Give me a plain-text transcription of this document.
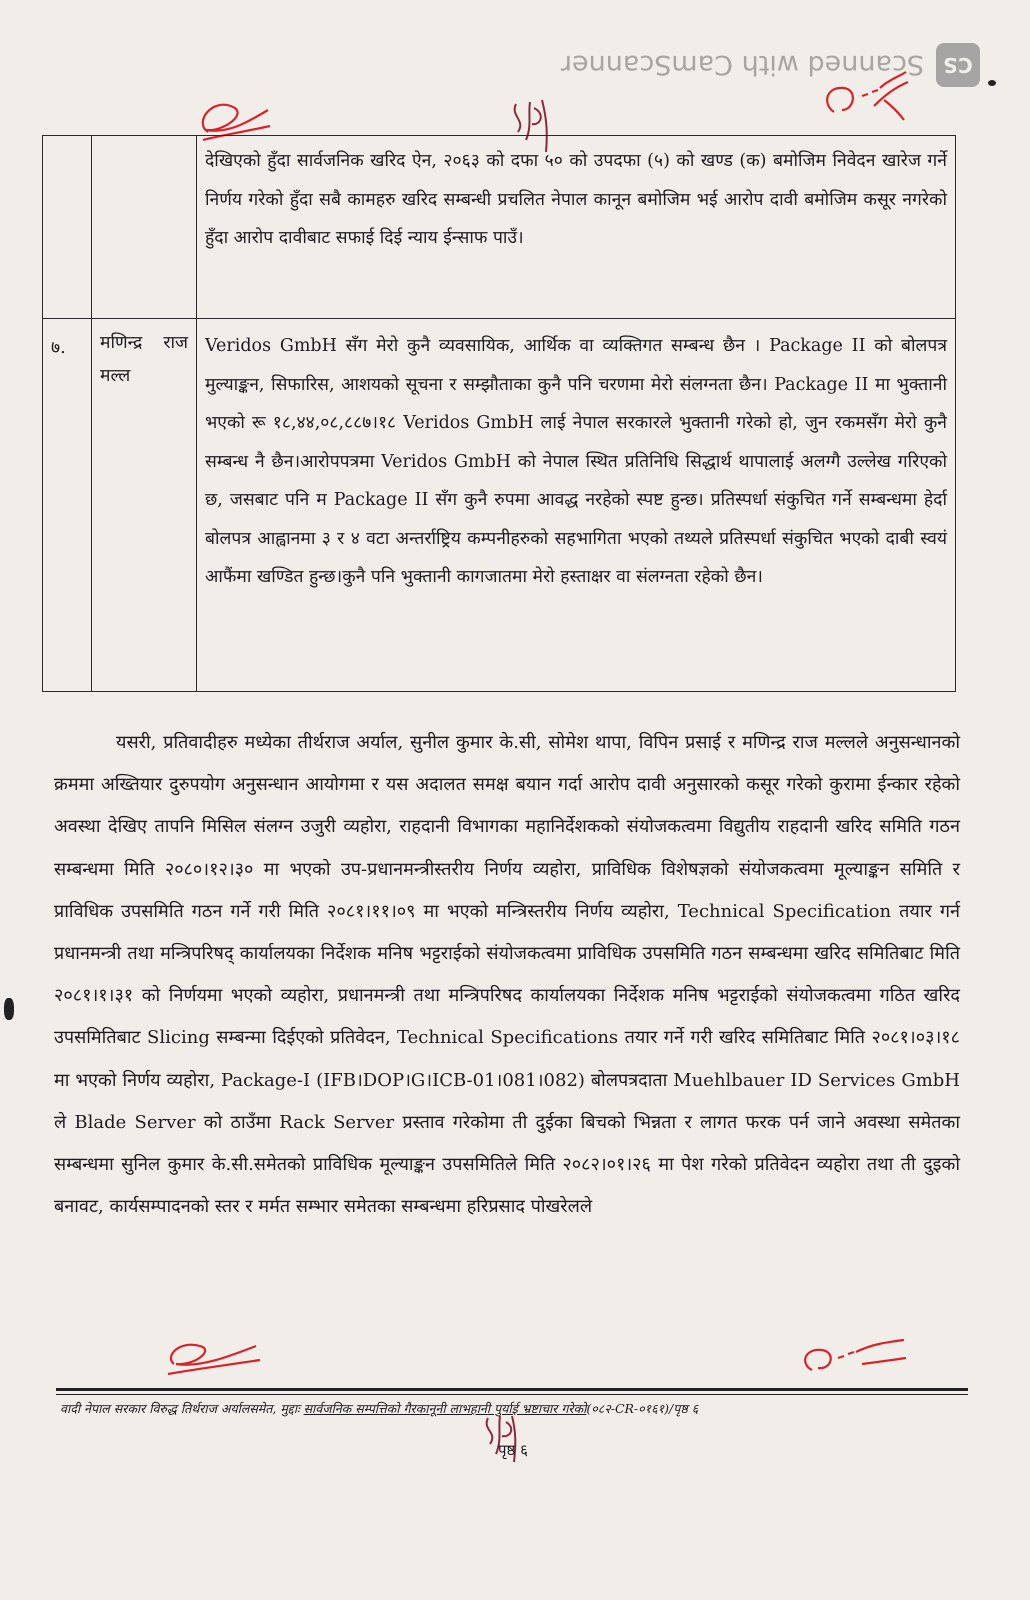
CS
Scanned with CamScanner
		देखिएको हुँदा सार्वजनिक खरिद ऐन, २०६३ को दफा ५० को उपदफा (५) को खण्ड (क) बमोजिम निवेदन खारेज गर्ने निर्णय गरेको हुँदा सबै कामहरु खरिद सम्बन्धी प्रचलित नेपाल कानून बमोजिम भई आरोप दावी बमोजिम कसूर नगरेको हुँदा आरोप दावीबाट सफाई दिई न्याय ईन्साफ पाउँ।
७.	मणिन्द्र राज मल्ल	Veridos GmbH सँग मेरो कुनै व्यवसायिक, आर्थिक वा व्यक्तिगत सम्बन्ध छैन । Package II को बोलपत्र मुल्याङ्कन, सिफारिस, आशयको सूचना र सम्झौताका कुनै पनि चरणमा मेरो संलग्नता छैन। Package II मा भुक्तानी भएको रू १८,४४,०८,८८७।१८ Veridos GmbH लाई नेपाल सरकारले भुक्तानी गरेको हो, जुन रकमसँग मेरो कुनै सम्बन्ध नै छैन।आरोपपत्रमा Veridos GmbH को नेपाल स्थित प्रतिनिधि सिद्धार्थ थापालाई अलग्गै उल्लेख गरिएको छ, जसबाट पनि म Package II सँग कुनै रुपमा आवद्ध नरहेको स्पष्ट हुन्छ। प्रतिस्पर्धा संकुचित गर्ने सम्बन्धमा हेर्दा बोलपत्र आह्वानमा ३ र ४ वटा अन्तर्राष्ट्रिय कम्पनीहरुको सहभागिता भएको तथ्यले प्रतिस्पर्धा संकुचित भएको दाबी स्वयं आफैंमा खण्डित हुन्छ।कुनै पनि भुक्तानी कागजातमा मेरो हस्ताक्षर वा संलग्नता रहेको छैन।

यसरी, प्रतिवादीहरु मध्येका तीर्थराज अर्याल, सुनील कुमार के.सी, सोमेश थापा, विपिन प्रसाई र मणिन्द्र राज मल्लले अनुसन्धानको क्रममा अख्तियार दुरुपयोग अनुसन्धान आयोगमा र यस अदालत समक्ष बयान गर्दा आरोप दावी अनुसारको कसूर गरेको कुरामा ईन्कार रहेको अवस्था देखिए तापनि मिसिल संलग्न उजुरी व्यहोरा, राहदानी विभागका महानिर्देशकको संयोजकत्वमा विद्युतीय राहदानी खरिद समिति गठन सम्बन्धमा मिति २०८०।१२।३० मा भएको उप-प्रधानमन्त्रीस्तरीय निर्णय व्यहोरा, प्राविधिक विशेषज्ञको संयोजकत्वमा मूल्याङ्कन समिति र प्राविधिक उपसमिति गठन गर्ने गरी मिति २०८१।११।०९ मा भएको मन्त्रिस्तरीय निर्णय व्यहोरा, Technical Specification तयार गर्न प्रधानमन्त्री तथा मन्त्रिपरिषद् कार्यालयका निर्देशक मनिष भट्टराईको संयोजकत्वमा प्राविधिक उपसमिति गठन सम्बन्धमा खरिद समितिबाट मिति २०८१।१।३१ को निर्णयमा भएको व्यहोरा, प्रधानमन्त्री तथा मन्त्रिपरिषद कार्यालयका निर्देशक मनिष भट्टराईको संयोजकत्वमा गठित खरिद उपसमितिबाट Slicing सम्बन्मा दिईएको प्रतिवेदन, Technical Specifications तयार गर्ने गरी खरिद समितिबाट मिति २०८१।०३।१८ मा भएको निर्णय व्यहोरा, Package-I (IFB।DOP।G।ICB-01।081।082) बोलपत्रदाता Muehlbauer ID Services GmbH ले Blade Server को ठाउँमा Rack Server प्रस्ताव गरेकोमा ती दुईका बिचको भिन्नता र लागत फरक पर्न जाने अवस्था समेतका सम्बन्धमा सुनिल कुमार के.सी.समेतको प्राविधिक मूल्याङ्कन उपसमितिले मिति २०८२।०१।२६ मा पेश गरेको प्रतिवेदन व्यहोरा तथा ती दुइको बनावट, कार्यसम्पादनको स्तर र मर्मत सम्भार समेतका सम्बन्धमा हरिप्रसाद पोखरेलले

वादी नेपाल सरकार विरुद्ध तिर्थराज अर्यालसमेत, मुद्दाः सार्वजनिक सम्पत्तिको गैरकानूनी लाभहानी पुर्याई भ्रष्टाचार गरेको(०८२-CR-०१६१)/पृष्ठ ६
पृष्ठ ६
